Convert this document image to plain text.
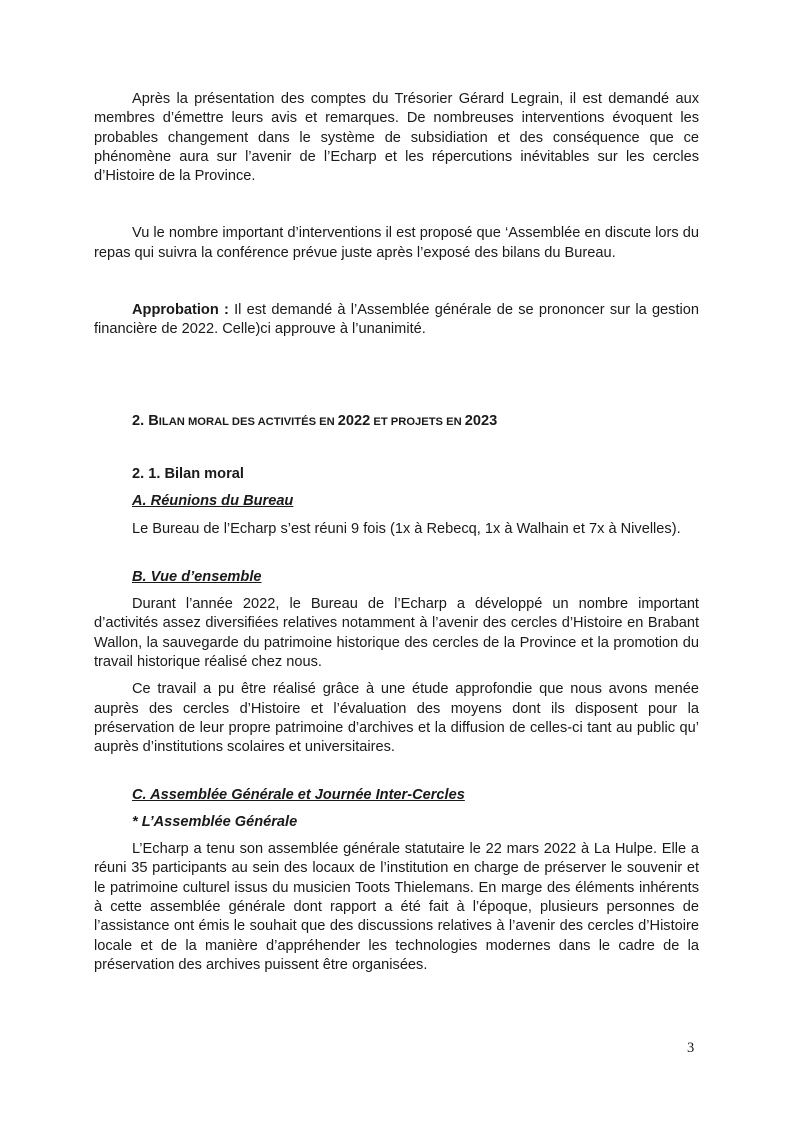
Après la présentation des comptes du Trésorier Gérard Legrain, il est demandé aux membres d’émettre leurs avis et remarques. De nombreuses interventions évoquent les probables changement dans le système de subsidiation et des conséquence que ce phénomène aura sur l’avenir de l’Echarp et les répercutions inévitables sur les cercles d’Histoire de la Province.

Vu le nombre important d’interventions il est proposé que ‘Assemblée en discute lors du repas qui suivra la conférence prévue juste après l’exposé des bilans du Bureau.

Approbation : Il est demandé à l’Assemblée générale de se prononcer sur la gestion financière de 2022. Celle)ci approuve à l’unanimité.

2. BILAN MORAL DES ACTIVITÉS EN 2022 ET PROJETS EN 2023

2. 1. Bilan moral

A. Réunions du Bureau

Le Bureau de l’Echarp s’est réuni 9 fois (1x à Rebecq, 1x à Walhain et 7x à Nivelles).

B. Vue d’ensemble

Durant l’année 2022, le Bureau de l’Echarp a développé un nombre important d’activités assez diversifiées relatives notamment à l’avenir des cercles d’Histoire en Brabant Wallon, la sauvegarde du patrimoine historique des cercles de la Province et la promotion du travail historique réalisé chez nous.

Ce travail a pu être réalisé grâce à une étude approfondie que nous avons menée auprès des cercles d’Histoire et l’évaluation des moyens dont ils disposent pour la préservation de leur propre patrimoine d’archives et la diffusion de celles-ci tant au public qu’ auprès d’institutions scolaires et universitaires.

C. Assemblée Générale et Journée Inter-Cercles

* L’Assemblée Générale

L’Echarp a tenu son assemblée générale statutaire le 22 mars 2022 à La Hulpe. Elle a réuni 35 participants au sein des locaux de l’institution en charge de préserver le souvenir et le patrimoine culturel issus du musicien Toots Thielemans. En marge des éléments inhérents à cette assemblée générale dont rapport a été fait à l’époque, plusieurs personnes de l’assistance ont émis le souhait que des discussions relatives à l’avenir des cercles d’Histoire locale et de la manière d’appréhender les technologies modernes dans le cadre de la préservation des archives puissent être organisées.

3
